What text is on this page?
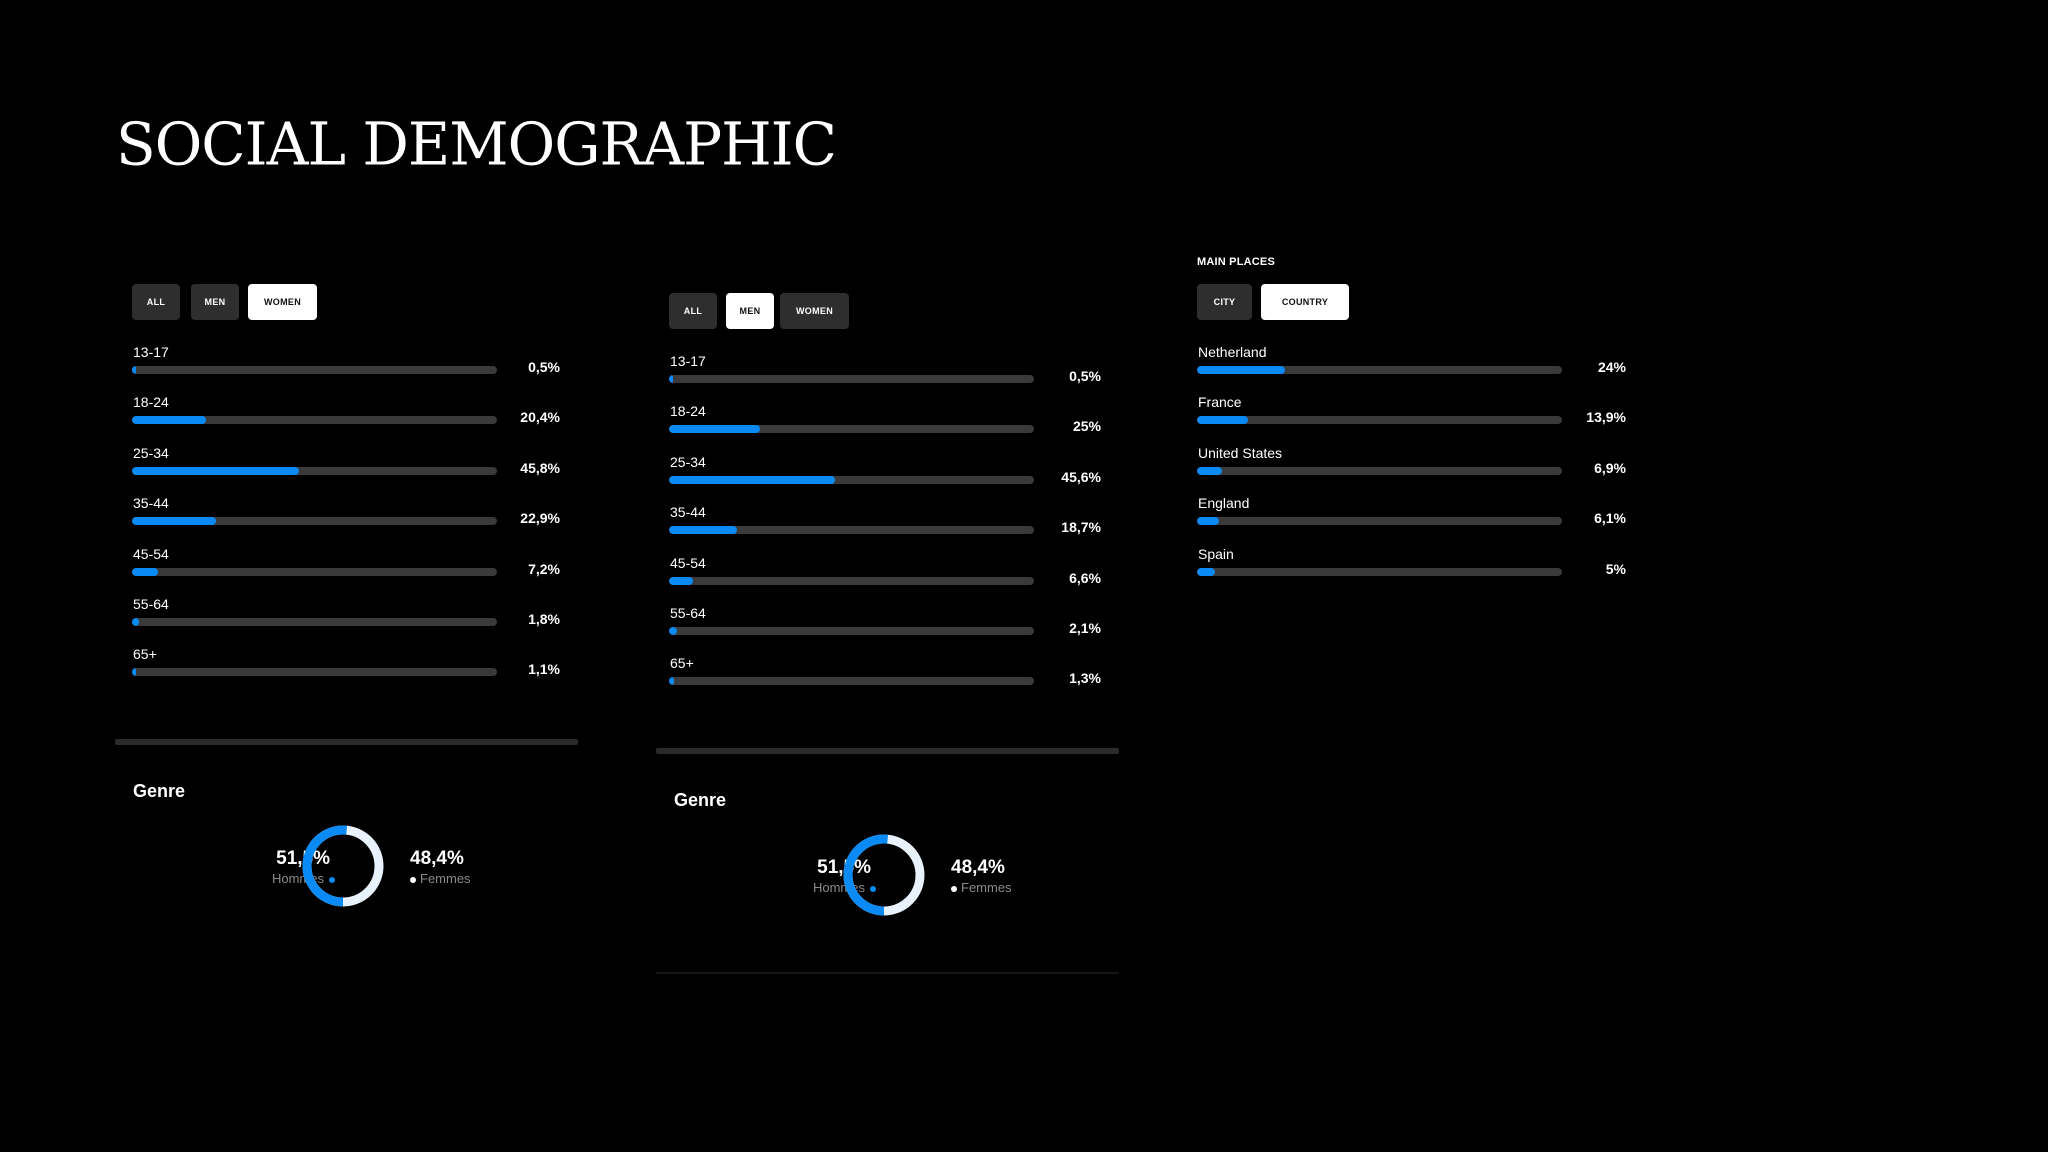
SOCIAL DEMOGRAPHIC
ALL	MEN	WOMEN
13-17
0,5%
18-24
20,4%
25-34
45,8%
35-44
22,9%
45-54
7,2%
55-64
1,8%
65+
1,1%
Genre
51,5%
Hommes
48,4%
Femmes
ALL	MEN	WOMEN
13-17
0,5%
18-24
25%
25-34
45,6%
35-44
18,7%
45-54
6,6%
55-64
2,1%
65+
1,3%
Genre
51,5%
Hommes
48,4%
Femmes
MAIN PLACES
CITY	COUNTRY
Netherland
24%
France
13,9%
United States
6,9%
England
6,1%
Spain
5%
